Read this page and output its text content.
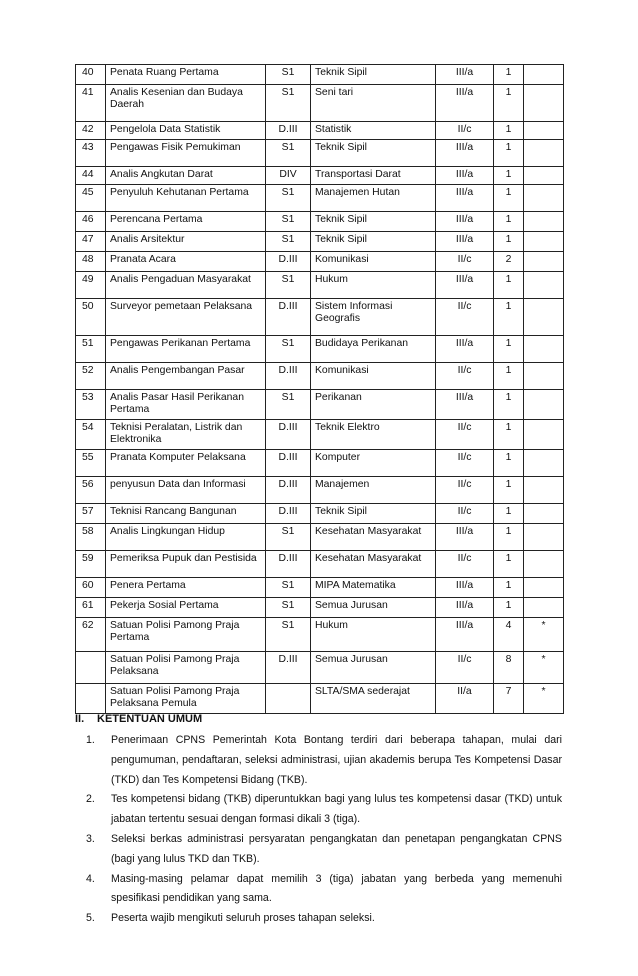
40	Penata Ruang Pertama	S1	Teknik Sipil	III/a	1	
41	Analis Kesenian dan Budaya Daerah	S1	Seni tari	III/a	1	
42	Pengelola Data Statistik	D.III	Statistik	II/c	1	
43	Pengawas Fisik Pemukiman	S1	Teknik Sipil	III/a	1	
44	Analis Angkutan Darat	DIV	Transportasi Darat	III/a	1	
45	Penyuluh Kehutanan Pertama	S1	Manajemen Hutan	III/a	1	
46	Perencana Pertama	S1	Teknik Sipil	III/a	1	
47	Analis Arsitektur	S1	Teknik Sipil	III/a	1	
48	Pranata Acara	D.III	Komunikasi	II/c	2	
49	Analis Pengaduan Masyarakat	S1	Hukum	III/a	1	
50	Surveyor pemetaan Pelaksana	D.III	Sistem Informasi Geografis	II/c	1	
51	Pengawas Perikanan Pertama	S1	Budidaya Perikanan	III/a	1	
52	Analis Pengembangan Pasar	D.III	Komunikasi	II/c	1	
53	Analis Pasar Hasil Perikanan Pertama	S1	Perikanan	III/a	1	
54	Teknisi Peralatan, Listrik dan Elektronika	D.III	Teknik Elektro	II/c	1	
55	Pranata Komputer Pelaksana	D.III	Komputer	II/c	1	
56	penyusun Data dan Informasi	D.III	Manajemen	II/c	1	
57	Teknisi Rancang Bangunan	D.III	Teknik Sipil	II/c	1	
58	Analis Lingkungan Hidup	S1	Kesehatan Masyarakat	III/a	1	
59	Pemeriksa Pupuk dan Pestisida	D.III	Kesehatan Masyarakat	II/c	1	
60	Penera Pertama	S1	MIPA Matematika	III/a	1	
61	Pekerja Sosial Pertama	S1	Semua Jurusan	III/a	1	
62	Satuan Polisi Pamong Praja Pertama	S1	Hukum	III/a	4	*
	Satuan Polisi Pamong Praja Pelaksana	D.III	Semua Jurusan	II/c	8	*
	Satuan Polisi Pamong Praja Pelaksana Pemula		SLTA/SMA sederajat	II/a	7	*
II. KETENTUAN UMUM
1. Penerimaan CPNS Pemerintah Kota Bontang terdiri dari beberapa tahapan, mulai dari pengumuman, pendaftaran, seleksi administrasi, ujian akademis berupa Tes Kompetensi Dasar (TKD) dan Tes Kompetensi Bidang (TKB).
2. Tes kompetensi bidang (TKB) diperuntukkan bagi yang lulus tes kompetensi dasar (TKD) untuk jabatan tertentu sesuai dengan formasi dikali 3 (tiga).
3. Seleksi berkas administrasi persyaratan pengangkatan dan penetapan pengangkatan CPNS (bagi yang lulus TKD dan TKB).
4. Masing-masing pelamar dapat memilih 3 (tiga) jabatan yang berbeda yang memenuhi spesifikasi pendidikan yang sama.
5. Peserta wajib mengikuti seluruh proses tahapan seleksi.
